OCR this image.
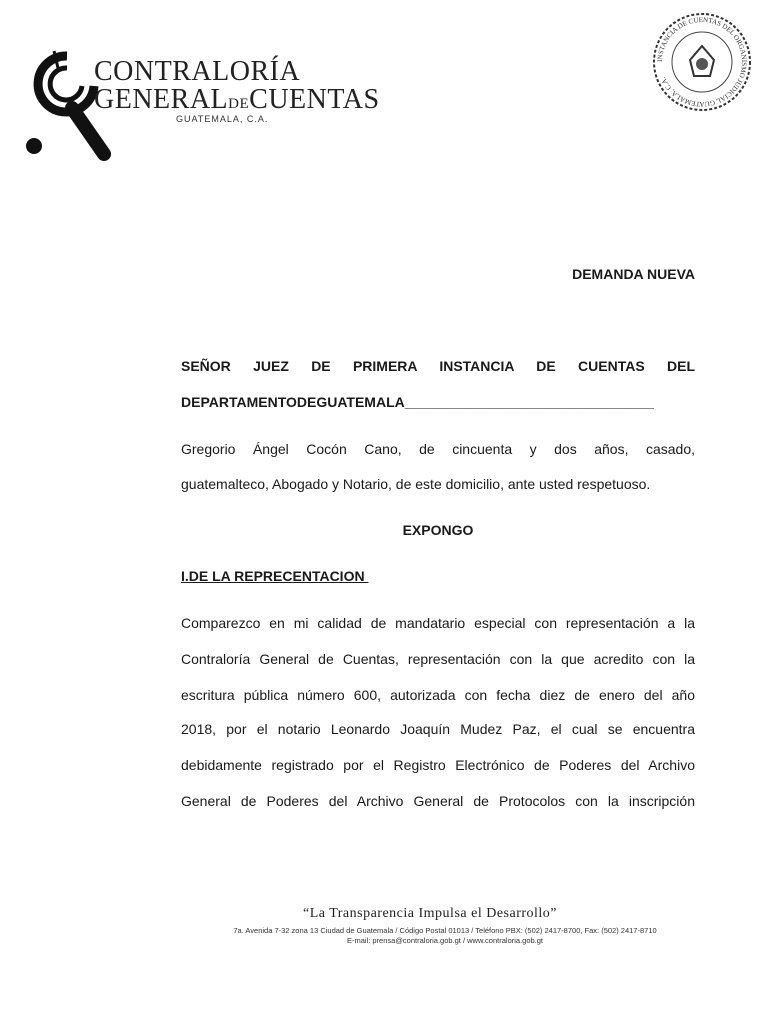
CONTRALORÍA
GENERALDECUENTAS
GUATEMALA, C.A.
INSTANCIA DE CUENTAS DEL ORGANISMO JUDICIAL GUATEMALA, C.A.
DEMANDA NUEVA
SEÑOR JUEZ DE PRIMERA INSTANCIA DE CUENTAS DEL
DEPARTAMENTODEGUATEMALA________________________________
Gregorio Ángel Cocón Cano, de cincuenta y dos años, casado,
guatemalteco, Abogado y Notario, de este domicilio, ante usted respetuoso.
EXPONGO
I.DE LA REPRECENTACION
Comparezco en mi calidad de mandatario especial con representación a la
Contraloría General de Cuentas, representación con la que acredito con la
escritura pública número 600, autorizada con fecha diez de enero del año
2018, por el notario Leonardo Joaquín Mudez Paz, el cual se encuentra
debidamente registrado por el Registro Electrónico de Poderes del Archivo
General de Poderes del Archivo General de Protocolos con la inscripción
“La Transparencia Impulsa el Desarrollo”
7a. Avenida 7-32 zona 13 Ciudad de Guatemala / Código Postal 01013 / Teléfono PBX: (502) 2417-8700, Fax: (502) 2417-8710
E-mail: prensa@contraloria.gob.gt / www.contraloria.gob.gt
